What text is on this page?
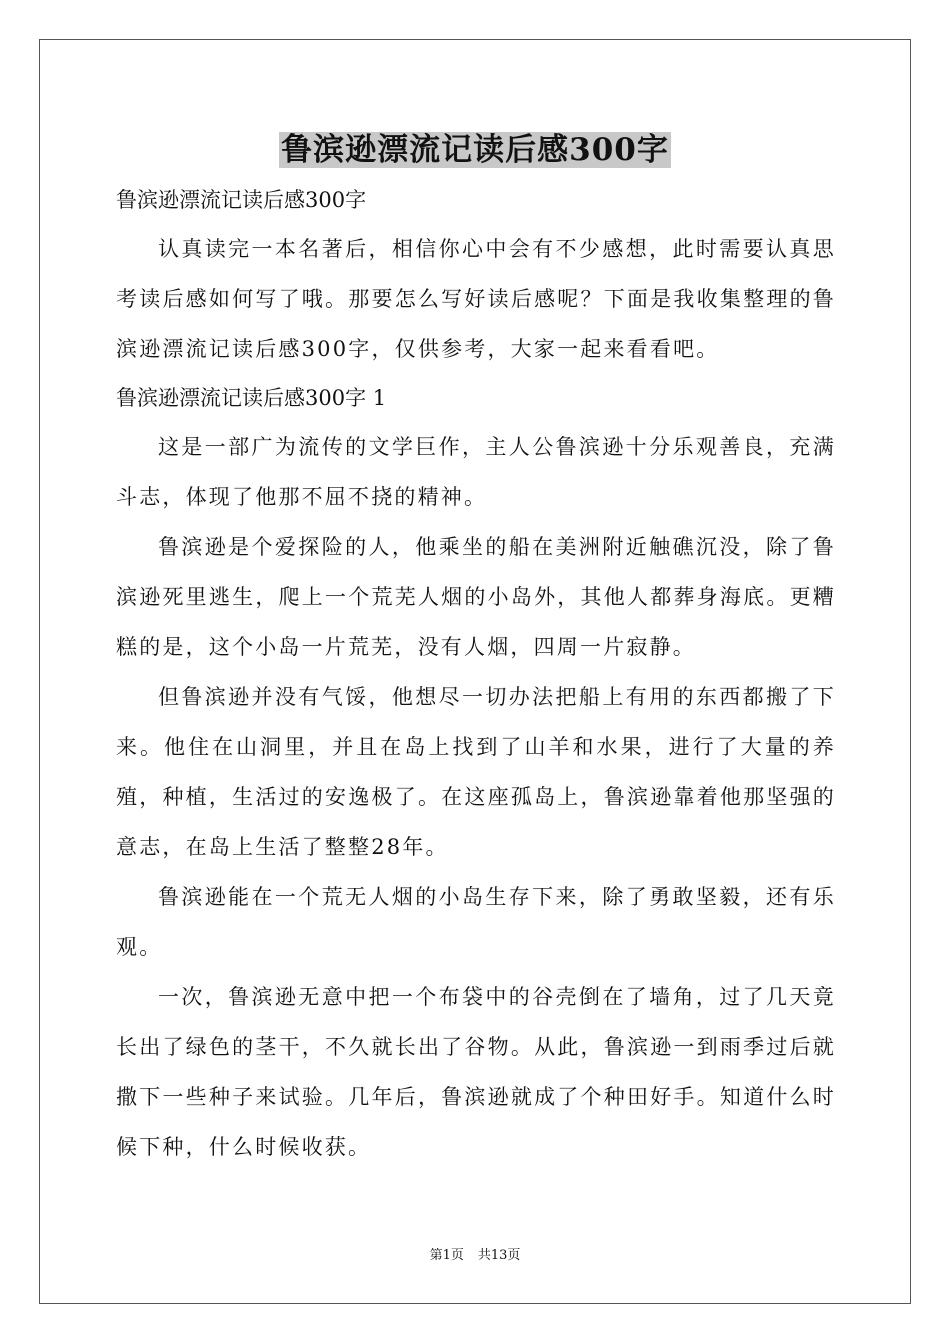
鲁滨逊漂流记读后感300字

鲁滨逊漂流记读后感300字

认真读完一本名著后，相信你心中会有不少感想，此时需要认真思考读后感如何写了哦。那要怎么写好读后感呢？下面是我收集整理的鲁滨逊漂流记读后感300字，仅供参考，大家一起来看看吧。

鲁滨逊漂流记读后感300字 1

这是一部广为流传的文学巨作，主人公鲁滨逊十分乐观善良，充满斗志，体现了他那不屈不挠的精神。

鲁滨逊是个爱探险的人，他乘坐的船在美洲附近触礁沉没，除了鲁滨逊死里逃生，爬上一个荒芜人烟的小岛外，其他人都葬身海底。更糟糕的是，这个小岛一片荒芜，没有人烟，四周一片寂静。

但鲁滨逊并没有气馁，他想尽一切办法把船上有用的东西都搬了下来。他住在山洞里，并且在岛上找到了山羊和水果，进行了大量的养殖，种植，生活过的安逸极了。在这座孤岛上，鲁滨逊靠着他那坚强的意志，在岛上生活了整整28年。

鲁滨逊能在一个荒无人烟的小岛生存下来，除了勇敢坚毅，还有乐观。

一次，鲁滨逊无意中把一个布袋中的谷壳倒在了墙角，过了几天竟长出了绿色的茎干，不久就长出了谷物。从此，鲁滨逊一到雨季过后就撒下一些种子来试验。几年后，鲁滨逊就成了个种田好手。知道什么时候下种，什么时候收获。

第1页 共13页
